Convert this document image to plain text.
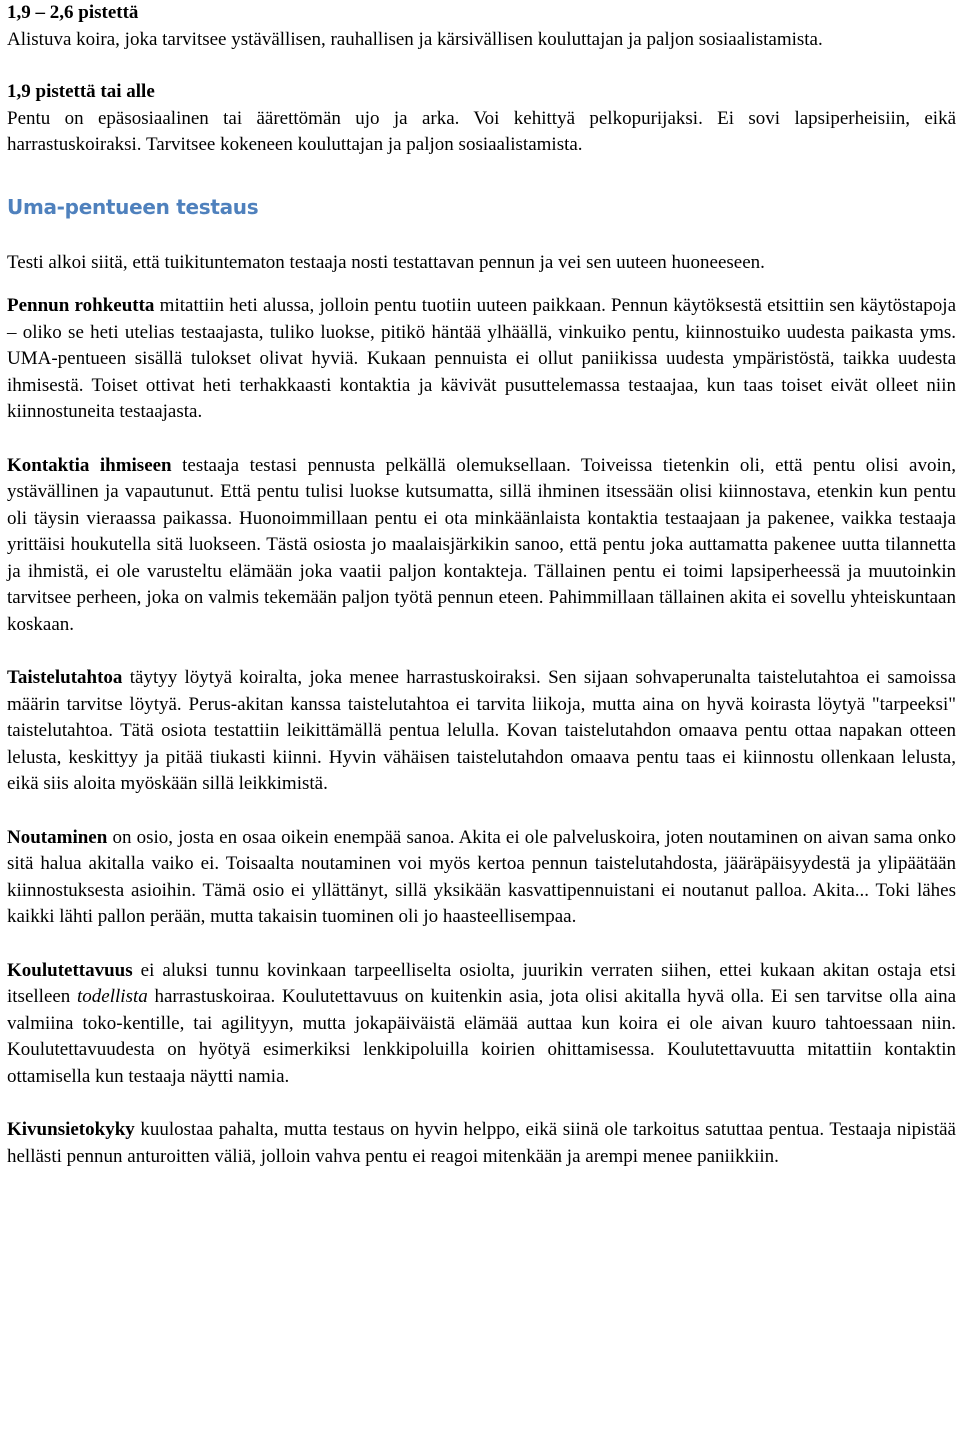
1,9 – 2,6 pistettä

Alistuva koira, joka tarvitsee ystävällisen, rauhallisen ja kärsivällisen kouluttajan ja paljon sosiaalistamista.

1,9 pistettä tai alle

Pentu on epäsosiaalinen tai äärettömän ujo ja arka. Voi kehittyä pelkopurijaksi. Ei sovi lapsiperheisiin, eikä harrastuskoiraksi. Tarvitsee kokeneen kouluttajan ja paljon sosiaalistamista.

Uma-pentueen testaus

Testi alkoi siitä, että tuikituntematon testaaja nosti testattavan pennun ja vei sen uuteen huoneeseen.

Pennun rohkeutta mitattiin heti alussa, jolloin pentu tuotiin uuteen paikkaan. Pennun käytöksestä etsittiin sen käytöstapoja – oliko se heti utelias testaajasta, tuliko luokse, pitikö häntää ylhäällä, vinkuiko pentu, kiinnostuiko uudesta paikasta yms. UMA-pentueen sisällä tulokset olivat hyviä. Kukaan pennuista ei ollut paniikissa uudesta ympäristöstä, taikka uudesta ihmisestä. Toiset ottivat heti terhakkaasti kontaktia ja kävivät pusuttelemassa testaajaa, kun taas toiset eivät olleet niin kiinnostuneita testaajasta.

Kontaktia ihmiseen testaaja testasi pennusta pelkällä olemuksellaan. Toiveissa tietenkin oli, että pentu olisi avoin, ystävällinen ja vapautunut. Että pentu tulisi luokse kutsumatta, sillä ihminen itsessään olisi kiinnostava, etenkin kun pentu oli täysin vieraassa paikassa. Huonoimmillaan pentu ei ota minkäänlaista kontaktia testaajaan ja pakenee, vaikka testaaja yrittäisi houkutella sitä luokseen. Tästä osiosta jo maalaisjärkikin sanoo, että pentu joka auttamatta pakenee uutta tilannetta ja ihmistä, ei ole varusteltu elämään joka vaatii paljon kontakteja. Tällainen pentu ei toimi lapsiperheessä ja muutoinkin tarvitsee perheen, joka on valmis tekemään paljon työtä pennun eteen. Pahimmillaan tällainen akita ei sovellu yhteiskuntaan koskaan.

Taistelutahtoa täytyy löytyä koiralta, joka menee harrastuskoiraksi. Sen sijaan sohvaperunalta taistelutahtoa ei samoissa määrin tarvitse löytyä. Perus-akitan kanssa taistelutahtoa ei tarvita liikoja, mutta aina on hyvä koirasta löytyä "tarpeeksi" taistelutahtoa. Tätä osiota testattiin leikittämällä pentua lelulla. Kovan taistelutahdon omaava pentu ottaa napakan otteen lelusta, keskittyy ja pitää tiukasti kiinni. Hyvin vähäisen taistelutahdon omaava pentu taas ei kiinnostu ollenkaan lelusta, eikä siis aloita myöskään sillä leikkimistä.

Noutaminen on osio, josta en osaa oikein enempää sanoa. Akita ei ole palveluskoira, joten noutaminen on aivan sama onko sitä halua akitalla vaiko ei. Toisaalta noutaminen voi myös kertoa pennun taistelutahdosta, jääräpäisyydestä ja ylipäätään kiinnostuksesta asioihin. Tämä osio ei yllättänyt, sillä yksikään kasvattipennuistani ei noutanut palloa. Akita... Toki lähes kaikki lähti pallon perään, mutta takaisin tuominen oli jo haasteellisempaa.

Koulutettavuus ei aluksi tunnu kovinkaan tarpeelliselta osiolta, juurikin verraten siihen, ettei kukaan akitan ostaja etsi itselleen todellista harrastuskoiraa. Koulutettavuus on kuitenkin asia, jota olisi akitalla hyvä olla. Ei sen tarvitse olla aina valmiina toko-kentille, tai agilityyn, mutta jokapäiväistä elämää auttaa kun koira ei ole aivan kuuro tahtoessaan niin. Koulutettavuudesta on hyötyä esimerkiksi lenkkipoluilla koirien ohittamisessa. Koulutettavuutta mitattiin kontaktin ottamisella kun testaaja näytti namia.

Kivunsietokyky kuulostaa pahalta, mutta testaus on hyvin helppo, eikä siinä ole tarkoitus satuttaa pentua. Testaaja nipistää hellästi pennun anturoitten väliä, jolloin vahva pentu ei reagoi mitenkään ja arempi menee paniikkiin.
